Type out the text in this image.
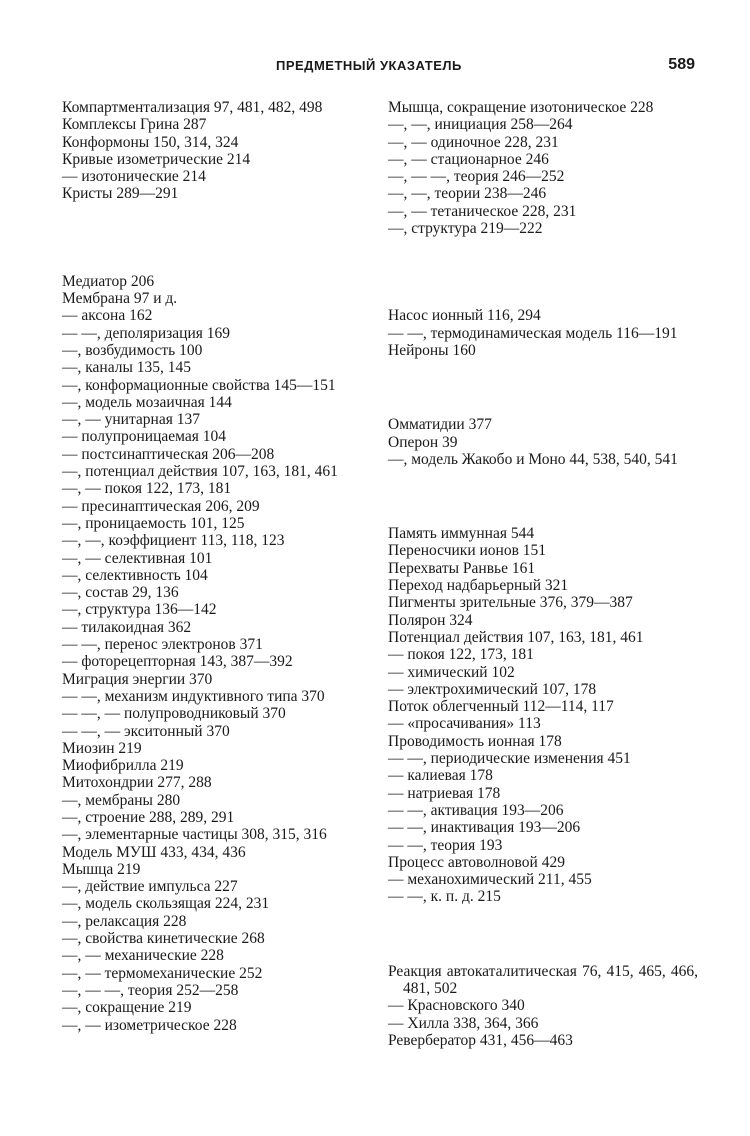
ПРЕДМЕТНЫЙ УКАЗАТЕЛЬ	589

Компартментализация 97, 481, 482, 498

Комплексы Грина 287

Конформоны 150, 314, 324

Кривые изометрические 214

— изотонические 214

Кристы 289—291

Медиатор 206

Мембрана 97 и д.

— аксона 162

— —, деполяризация 169

—, возбудимость 100

—, каналы 135, 145

—, конформационные свойства 145—151

—, модель мозаичная 144

—, — унитарная 137

— полупроницаемая 104

— постсинаптическая 206—208

—, потенциал действия 107, 163, 181, 461

—, — покоя 122, 173, 181

— пресинаптическая 206, 209

—, проницаемость 101, 125

—, —, коэффициент 113, 118, 123

—, — селективная 101

—, селективность 104

—, состав 29, 136

—, структура 136—142

— тилакоидная 362

— —, перенос электронов 371

— фоторецепторная 143, 387—392

Миграция энергии 370

— —, механизм индуктивного типа 370

— —, — полупроводниковый 370

— —, — экситонный 370

Миозин 219

Миофибрилла 219

Митохондрии 277, 288

—, мембраны 280

—, строение 288, 289, 291

—, элементарные частицы 308, 315, 316

Модель МУШ 433, 434, 436

Мышца 219

—, действие импульса 227

—, модель скользящая 224, 231

—, релаксация 228

—, свойства кинетические 268

—, — механические 228

—, — термомеханические 252

—, — —, теория 252—258

—, сокращение 219

—, — изометрическое 228

Мышца, сокращение изотоническое 228

—, —, инициация 258—264

—, — одиночное 228, 231

—, — стационарное 246

—, — —, теория 246—252

—, —, теории 238—246

—, — тетаническое 228, 231

—, структура 219—222

Насос ионный 116, 294

— —, термодинамическая модель 116—191

Нейроны 160

Омматидии 377

Оперон 39

—, модель Жакобо и Моно 44, 538, 540, 541

Память иммунная 544

Переносчики ионов 151

Перехваты Ранвье 161

Переход надбарьерный 321

Пигменты зрительные 376, 379—387

Полярон 324

Потенциал действия 107, 163, 181, 461

— покоя 122, 173, 181

— химический 102

— электрохимический 107, 178

Поток облегченный 112—114, 117

— «просачивания» 113

Проводимость ионная 178

— —, периодические изменения 451

— калиевая 178

— натриевая 178

— —, активация 193—206

— —, инактивация 193—206

— —, теория 193

Процесс автоволновой 429

— механохимический 211, 455

— —, к. п. д. 215

Реакция автокаталитическая 76, 415, 465, 466, 481, 502

— Красновского 340

— Хилла 338, 364, 366

Ревербератор 431, 456—463
